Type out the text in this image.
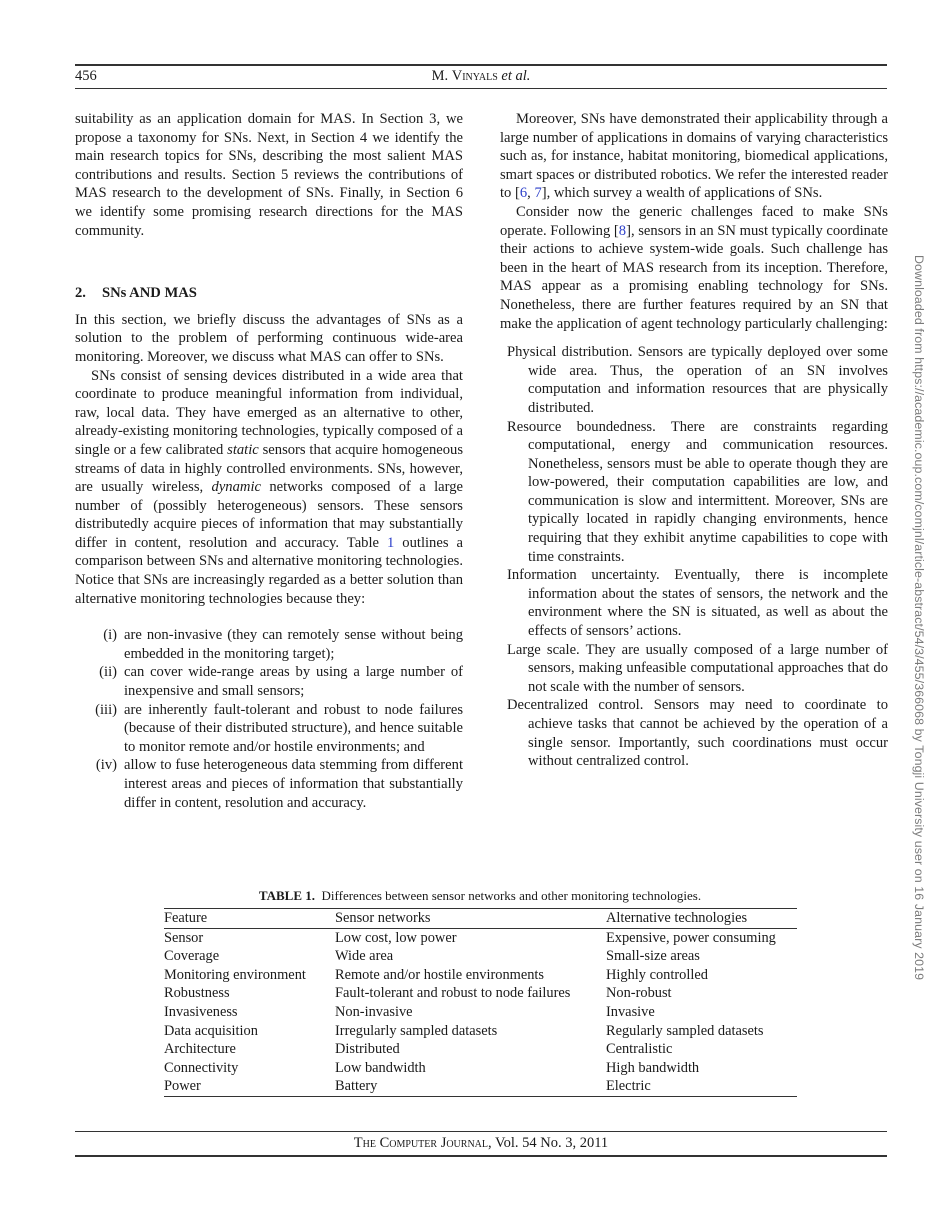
456	M. Vinyals et al.

suitability as an application domain for MAS. In Section 3, we propose a taxonomy for SNs. Next, in Section 4 we identify the main research topics for SNs, describing the most salient MAS contributions and results. Section 5 reviews the contributions of MAS research to the development of SNs. Finally, in Section 6 we identify some promising research directions for the MAS community.

2. SNs AND MAS

In this section, we briefly discuss the advantages of SNs as a solution to the problem of performing continuous wide-area monitoring. Moreover, we discuss what MAS can offer to SNs.

SNs consist of sensing devices distributed in a wide area that coordinate to produce meaningful information from individual, raw, local data. They have emerged as an alternative to other, already-existing monitoring technologies, typically composed of a single or a few calibrated static sensors that acquire homogeneous streams of data in highly controlled environments. SNs, however, are usually wireless, dynamic networks composed of a large number of (possibly heterogeneous) sensors. These sensors distributedly acquire pieces of information that may substantially differ in content, resolution and accuracy. Table 1 outlines a comparison between SNs and alternative monitoring technologies. Notice that SNs are increasingly regarded as a better solution than alternative monitoring technologies because they:

(i) are non-invasive (they can remotely sense without being embedded in the monitoring target);
(ii) can cover wide-range areas by using a large number of inexpensive and small sensors;
(iii) are inherently fault-tolerant and robust to node failures (because of their distributed structure), and hence suitable to monitor remote and/or hostile environments; and
(iv) allow to fuse heterogeneous data stemming from different interest areas and pieces of information that substantially differ in content, resolution and accuracy.

Moreover, SNs have demonstrated their applicability through a large number of applications in domains of varying characteristics such as, for instance, habitat monitoring, biomedical applications, smart spaces or distributed robotics. We refer the interested reader to [6, 7], which survey a wealth of applications of SNs.

Consider now the generic challenges faced to make SNs operate. Following [8], sensors in an SN must typically coordinate their actions to achieve system-wide goals. Such challenge has been in the heart of MAS research from its inception. Therefore, MAS appear as a promising enabling technology for SNs. Nonetheless, there are further features required by an SN that make the application of agent technology particularly challenging:

Physical distribution. Sensors are typically deployed over some wide area. Thus, the operation of an SN involves computation and information resources that are physically distributed.

Resource boundedness. There are constraints regarding computational, energy and communication resources. Nonetheless, sensors must be able to operate though they are low-powered, their computation capabilities are low, and communication is slow and intermittent. Moreover, SNs are typically located in rapidly changing environments, hence requiring that they exhibit anytime capabilities to cope with time constraints.

Information uncertainty. Eventually, there is incomplete information about the states of sensors, the network and the environment where the SN is situated, as well as about the effects of sensors’ actions.

Large scale. They are usually composed of a large number of sensors, making unfeasible computational approaches that do not scale with the number of sensors.

Decentralized control. Sensors may need to coordinate to achieve tasks that cannot be achieved by the operation of a single sensor. Importantly, such coordinations must occur without centralized control.

TABLE 1.  Differences between sensor networks and other monitoring technologies.
Feature	Sensor networks	Alternative technologies
Sensor	Low cost, low power	Expensive, power consuming
Coverage	Wide area	Small-size areas
Monitoring environment	Remote and/or hostile environments	Highly controlled
Robustness	Fault-tolerant and robust to node failures	Non-robust
Invasiveness	Non-invasive	Invasive
Data acquisition	Irregularly sampled datasets	Regularly sampled datasets
Architecture	Distributed	Centralistic
Connectivity	Low bandwidth	High bandwidth
Power	Battery	Electric
The Computer Journal, Vol. 54 No. 3, 2011
Downloaded from https://academic.oup.com/comjnl/article-abstract/54/3/455/366068 by Tongji University user on 16 January 2019
